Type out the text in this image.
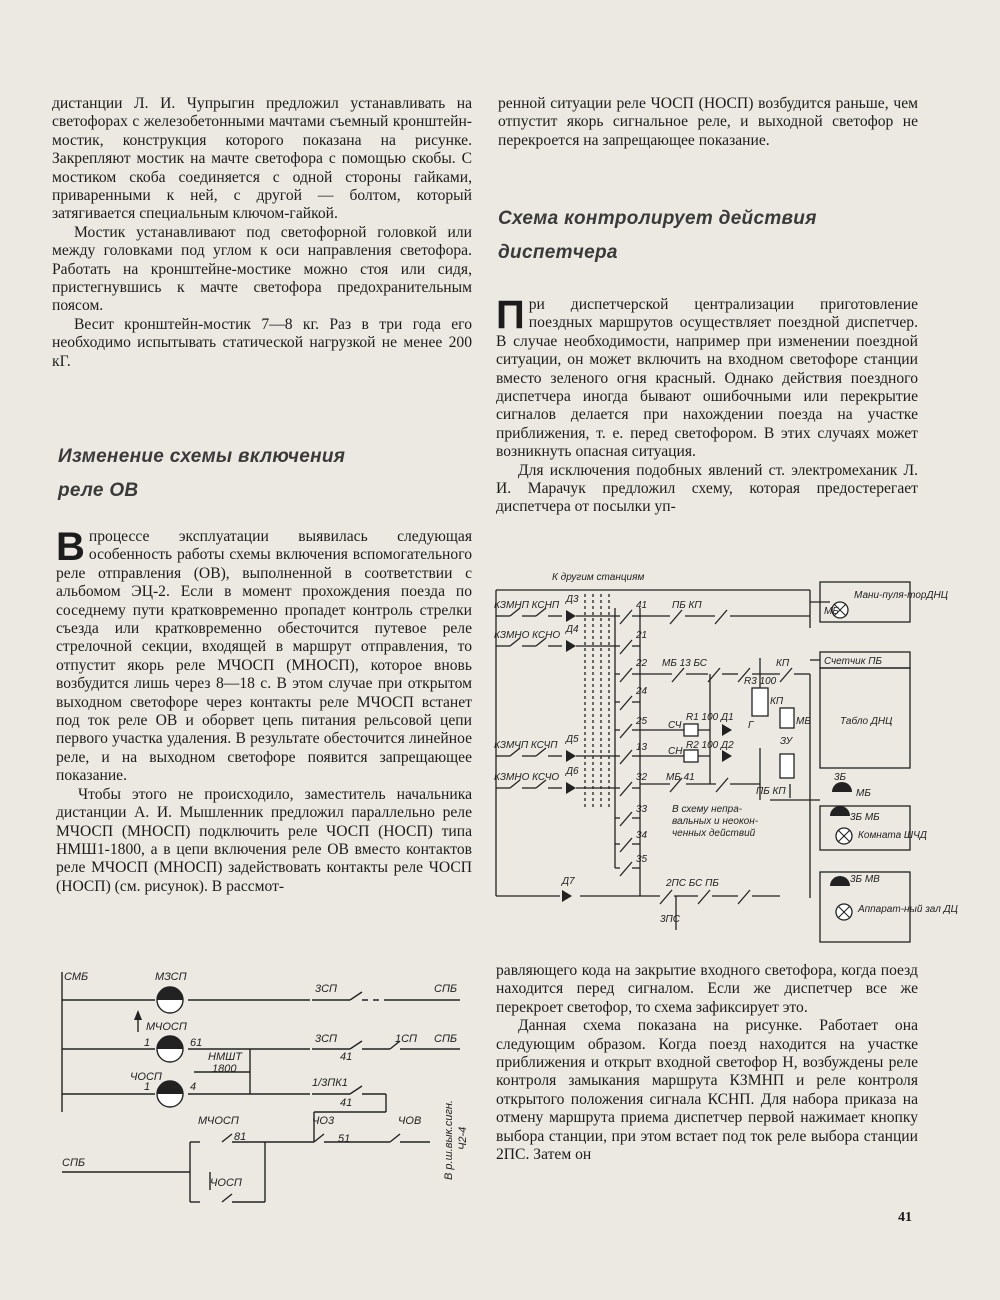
дистанции Л. И. Чупрыгин предложил устанавливать на светофорах с железобетонными мачтами съемный кронштейн-мостик, конструкция которого показана на рисунке. Закрепляют мостик на мачте светофора с помощью скобы. С мостиком скоба соединяется с одной стороны гайками, приваренными к ней, с другой — болтом, который затягивается специальным ключом-гайкой.

Мостик устанавливают под светофорной головкой или между головками под углом к оси направления светофора. Работать на кронштейне-мостике можно стоя или сидя, пристегнувшись к мачте светофора предохранительным поясом.

Весит кронштейн-мостик 7—8 кг. Раз в три года его необходимо испытывать статической нагрузкой не менее 200 кГ.

Изменение схемы включения
реле ОВ

Впроцессе эксплуатации выявилась следующая особенность работы схемы включения вспомогательного реле отправления (ОВ), выполненной в соответствии с альбомом ЭЦ-2. Если в момент прохождения поезда по соседнему пути кратковременно пропадет контроль стрелки съезда или кратковременно обесточится путевое реле стрелочной секции, входящей в маршрут отправления, то отпустит якорь реле МЧОСП (МНОСП), которое вновь возбудится лишь через 8—18 с. В этом случае при открытом выходном светофоре через контакты реле МЧОСП встанет под ток реле ОВ и оборвет цепь питания рельсовой цепи первого участка удаления. В результате обесточится линейное реле, и на выходном светофоре появится запрещающее показание.

Чтобы этого не происходило, заместитель начальника дистанции А. И. Мышленник предложил параллельно реле МЧОСП (МНОСП) подключить реле ЧОСП (НОСП) типа НМШ1-1800, а в цепи включения реле ОВ вместо контактов реле МЧОСП (МНОСП) задействовать контакты реле ЧОСП (НОСП) (см. рисунок). В рассмот-

СМБ	МЗСП
3СП	СПБ
МЧОСП
1	61
НМШТ
1800
3СП	1СП СПБ
41
ЧОСП
1	4	1/3ПК1
41
МЧОСП
81
ЧО3
51
ЧОВ
СПБ
ЧОСП
В р.ш.вык.сигн. Ч2-4

ренной ситуации реле ЧОСП (НОСП) возбудится раньше, чем отпустит якорь сигнальное реле, и выходной светофор не перекроется на запрещающее показание.

Схема контролирует действия
диспетчера

При диспетчерской централизации приготовление поездных маршрутов осуществляет поездной диспетчер. В случае необходимости, например при изменении поездной ситуации, он может включить на входном светофоре станции вместо зеленого огня красный. Однако действия поездного диспетчера иногда бывают ошибочными или перекрытие сигналов делается при нахождении поезда на участке приближения, т. е. перед светофором. В этих случаях может возникнуть опасная ситуация.

Для исключения подобных явлений ст. электромеханик Л. И. Марачук предложил схему, которая предостерегает диспетчера от посылки уп-

К другим станциям
КЗМНП КСНП
КЗМНО КСНО
КЗМЧП КСЧП
КЗМНО КСЧО
Д3
Д4
Д5
Д6
Д7
41
21
22
24
25
13
32
33
34
35
ПБ КП
МБ 13 БС	КП
R3 100
Г
СЧ
R1 100 Д1
СН
R2 100 Д2
МБ 41
КП
МБ
ЗУ
ПБ КП
2ПС БС ПБ
3ПС
Мани-пуля-торДНЦ
МБ
Счетчик ПБ
Табло ДНЦ
3Б
МБ
3Б МБ
Комната ШЧД
3Б МВ
Аппарат-ный зал ДЦ
В схему непра-вальных и неокон-ченных действий

равляющего кода на закрытие входного светофора, когда поезд находится перед сигналом. Если же диспетчер все же перекроет светофор, то схема зафиксирует это.

Данная схема показана на рисунке. Работает она следующим образом. Когда поезд находится на участке приближения и открыт входной светофор Н, возбуждены реле контроля замыкания маршрута КЗМНП и реле контроля открытого положения сигнала КСНП. Для набора приказа на отмену маршрута приема диспетчер первой нажимает кнопку выбора станции, при этом встает под ток реле выбора станции 2ПС. Затем он

41
